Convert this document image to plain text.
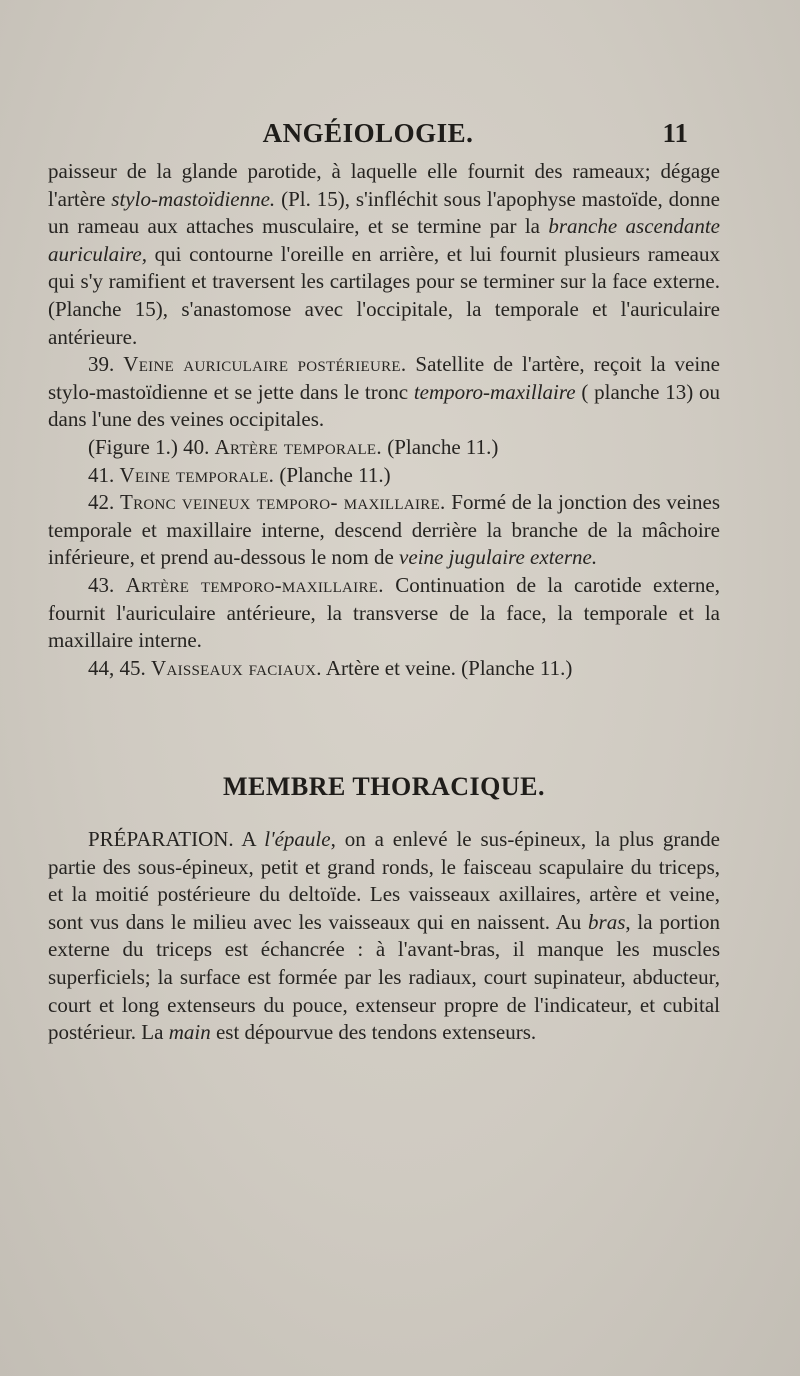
ANGÉIOLOGIE.	11

paisseur de la glande parotide, à laquelle elle fournit des rameaux; dégage l'artère stylo-mastoïdienne. (Pl. 15), s'infléchit sous l'apophyse mastoïde, donne un rameau aux attaches musculaire, et se termine par la branche ascendante auriculaire, qui contourne l'oreille en arrière, et lui fournit plusieurs rameaux qui s'y ramifient et traversent les cartilages pour se terminer sur la face externe. (Planche 15), s'anastomose avec l'occipitale, la temporale et l'auriculaire antérieure.

39. Veine auriculaire postérieure. Satellite de l'artère, reçoit la veine stylo-mastoïdienne et se jette dans le tronc temporo-maxillaire ( planche 13) ou dans l'une des veines occipitales.

(Figure 1.) 40. Artère temporale. (Planche 11.)

41. Veine temporale. (Planche 11.)

42. Tronc veineux temporo- maxillaire. Formé de la jonction des veines temporale et maxillaire interne, descend derrière la branche de la mâchoire inférieure, et prend au-dessous le nom de veine jugulaire externe.

43. Artère temporo-maxillaire. Continuation de la carotide externe, fournit l'auriculaire antérieure, la transverse de la face, la temporale et la maxillaire interne.

44, 45. Vaisseaux faciaux. Artère et veine. (Planche 11.)

MEMBRE THORACIQUE.

PRÉPARATION. A l'épaule, on a enlevé le sus-épineux, la plus grande partie des sous-épineux, petit et grand ronds, le faisceau scapulaire du triceps, et la moitié postérieure du deltoïde. Les vaisseaux axillaires, artère et veine, sont vus dans le milieu avec les vaisseaux qui en naissent. Au bras, la portion externe du triceps est échancrée : à l'avant-bras, il manque les muscles superficiels; la surface est formée par les radiaux, court supinateur, abducteur, court et long extenseurs du pouce, extenseur propre de l'indicateur, et cubital postérieur. La main est dépourvue des tendons extenseurs.
